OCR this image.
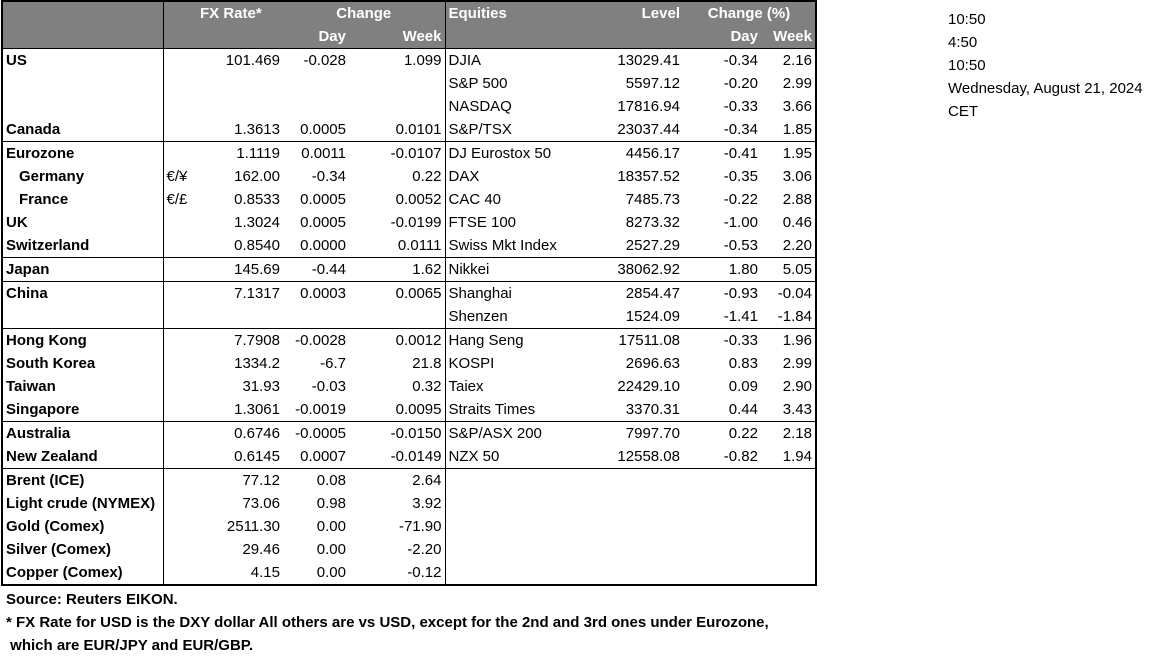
		FX Rate*	Change		Equities	Level	Change (%)	
			Day	Week			Day	Week
US		101.469	-0.028	1.099	DJIA	13029.41	-0.34	2.16
					S&P 500	5597.12	-0.20	2.99
					NASDAQ	17816.94	-0.33	3.66
Canada		1.3613	0.0005	0.0101	S&P/TSX	23037.44	-0.34	1.85
Eurozone		1.1119	0.0011	-0.0107	DJ Eurostox 50	4456.17	-0.41	1.95
Germany	€/¥	162.00	-0.34	0.22	DAX	18357.52	-0.35	3.06
France	€/£	0.8533	0.0005	0.0052	CAC 40	7485.73	-0.22	2.88
UK		1.3024	0.0005	-0.0199	FTSE 100	8273.32	-1.00	0.46
Switzerland		0.8540	0.0000	0.0111	Swiss Mkt Index	2527.29	-0.53	2.20
Japan		145.69	-0.44	1.62	Nikkei	38062.92	1.80	5.05
China		7.1317	0.0003	0.0065	Shanghai	2854.47	-0.93	-0.04
					Shenzen	1524.09	-1.41	-1.84
Hong Kong		7.7908	-0.0028	0.0012	Hang Seng	17511.08	-0.33	1.96
South Korea		1334.2	-6.7	21.8	KOSPI	2696.63	0.83	2.99
Taiwan		31.93	-0.03	0.32	Taiex	22429.10	0.09	2.90
Singapore		1.3061	-0.0019	0.0095	Straits Times	3370.31	0.44	3.43
Australia		0.6746	-0.0005	-0.0150	S&P/ASX 200	7997.70	0.22	2.18
New Zealand		0.6145	0.0007	-0.0149	NZX 50	12558.08	-0.82	1.94
Brent (ICE)		77.12	0.08	2.64				
Light crude (NYMEX)		73.06	0.98	3.92				
Gold (Comex)		2511.30	0.00	-71.90				
Silver (Comex)		29.46	0.00	-2.20				
Copper (Comex)		4.15	0.00	-0.12				
10:50
4:50
10:50
Wednesday, August 21, 2024
CET
Source: Reuters EIKON.
* FX Rate for USD is the DXY dollar All others are vs USD, except for the 2nd and 3rd ones under Eurozone,
which are EUR/JPY and EUR/GBP.
